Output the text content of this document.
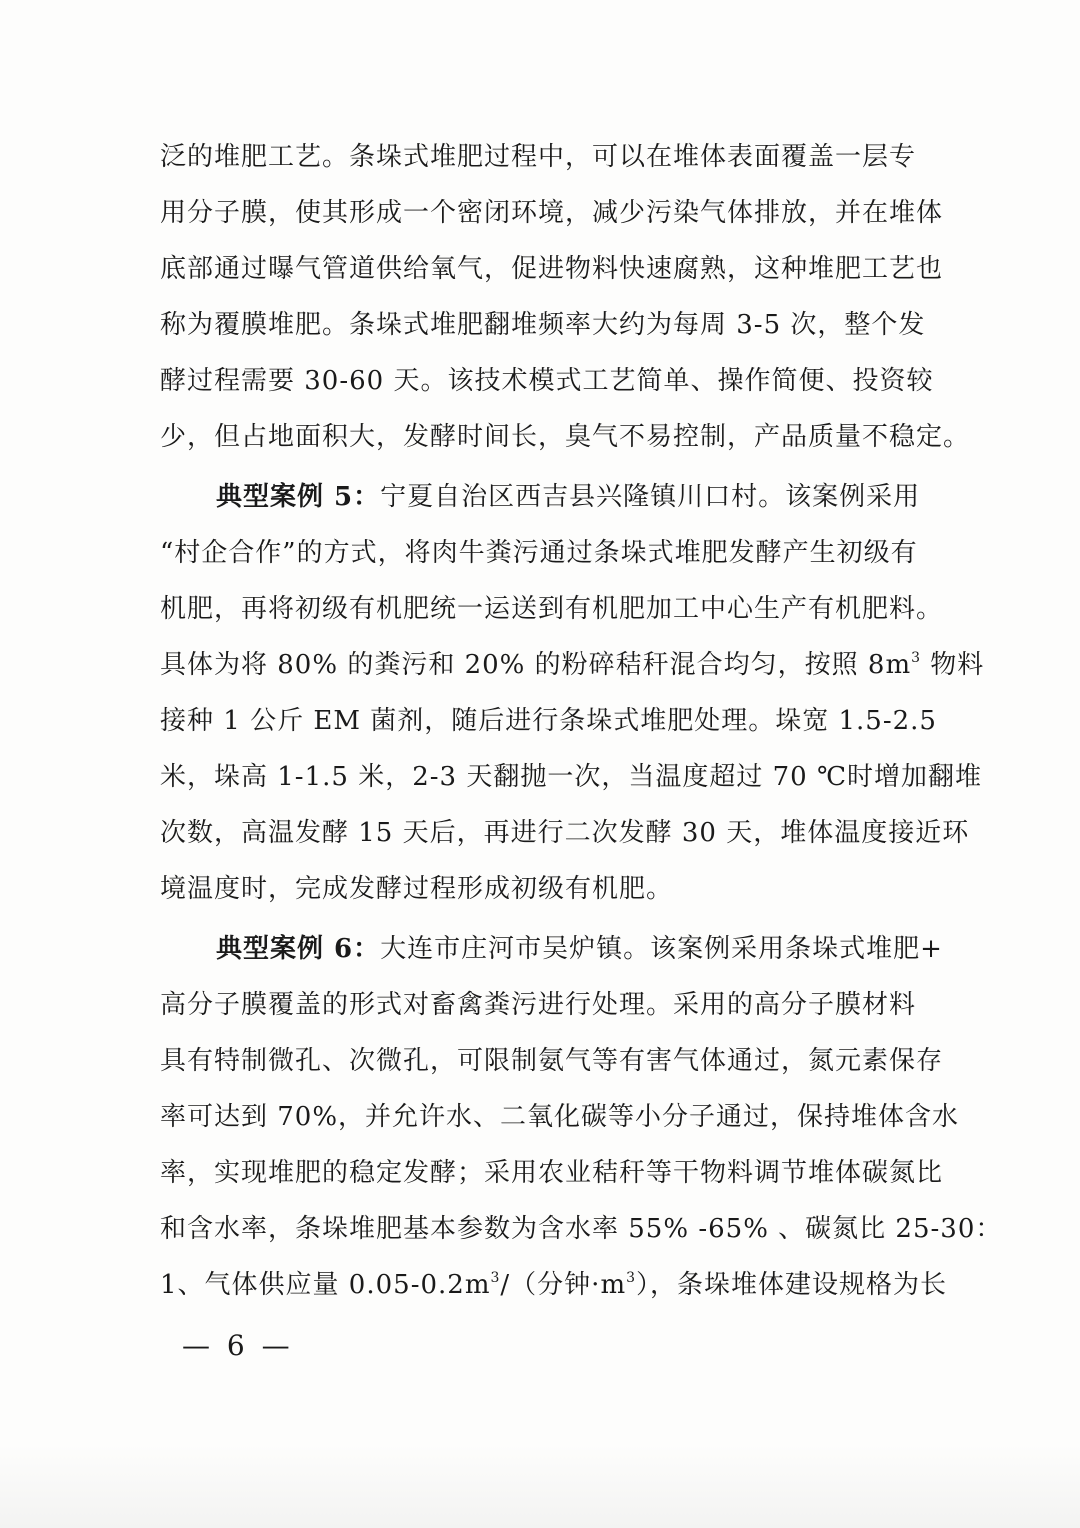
泛的堆肥工艺。条垛式堆肥过程中，可以在堆体表面覆盖一层专
用分子膜，使其形成一个密闭环境，减少污染气体排放，并在堆体
底部通过曝气管道供给氧气，促进物料快速腐熟，这种堆肥工艺也
称为覆膜堆肥。条垛式堆肥翻堆频率大约为每周 3-5 次，整个发
酵过程需要 30-60 天。该技术模式工艺简单、操作简便、投资较
少，但占地面积大，发酵时间长，臭气不易控制，产品质量不稳定。
典型案例 5：宁夏自治区西吉县兴隆镇川口村。该案例采用
“村企合作”的方式，将肉牛粪污通过条垛式堆肥发酵产生初级有
机肥，再将初级有机肥统一运送到有机肥加工中心生产有机肥料。
具体为将 80% 的粪污和 20% 的粉碎秸秆混合均匀，按照 $8m^3$ 物料
接种 1 公斤 EM 菌剂，随后进行条垛式堆肥处理。垛宽 1.5-2.5
米，垛高 1-1.5 米，2-3 天翻抛一次，当温度超过 70 ℃时增加翻堆
次数，高温发酵 15 天后，再进行二次发酵 30 天，堆体温度接近环
境温度时，完成发酵过程形成初级有机肥。
典型案例 6：大连市庄河市吴炉镇。该案例采用条垛式堆肥+
高分子膜覆盖的形式对畜禽粪污进行处理。采用的高分子膜材料
具有特制微孔、次微孔，可限制氨气等有害气体通过，氮元素保存
率可达到 70%，并允许水、二氧化碳等小分子通过，保持堆体含水
率，实现堆肥的稳定发酵；采用农业秸秆等干物料调节堆体碳氮比
和含水率，条垛堆肥基本参数为含水率 55% -65% 、碳氮比 25-30：
1、气体供应量 $0.05-0.2m^3/$（分钟$\cdot m^3$），条垛堆体建设规格为长
— 6 —
